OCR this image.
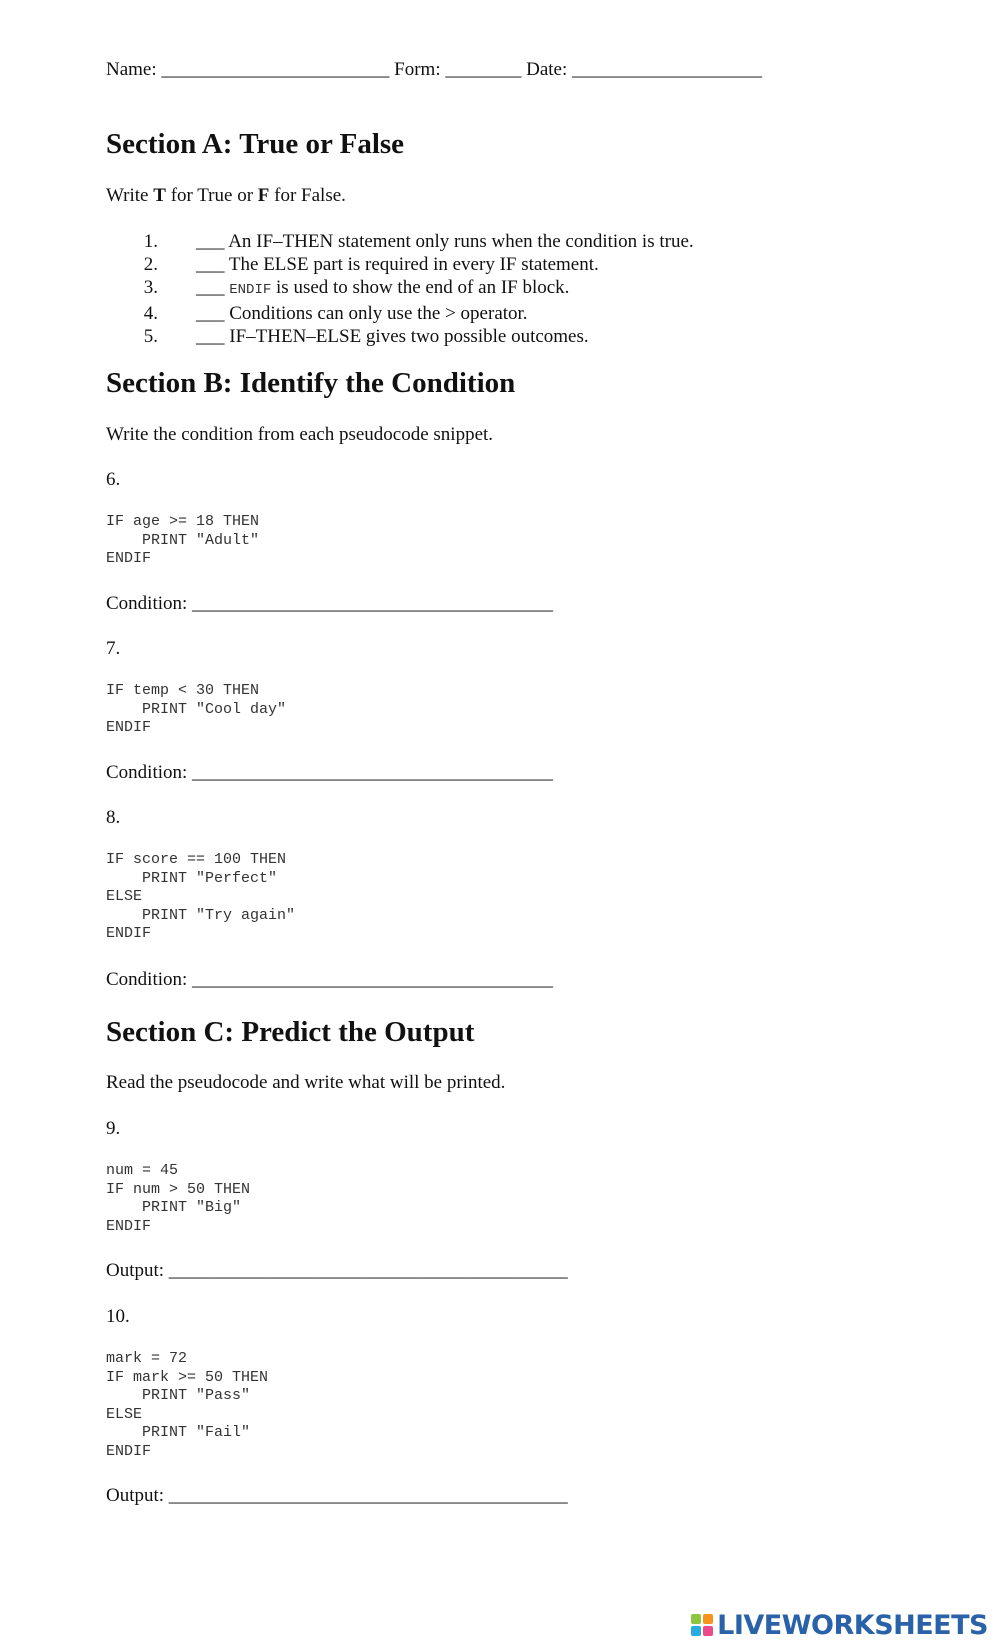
Name: ________________________ Form: ________ Date: ____________________
Section A: True or False
Write T for True or F for False.
1. ___ An IF–THEN statement only runs when the condition is true.
2. ___ The ELSE part is required in every IF statement.
3. ___ ENDIF is used to show the end of an IF block.
4. ___ Conditions can only use the > operator.
5. ___ IF–THEN–ELSE gives two possible outcomes.
Section B: Identify the Condition
Write the condition from each pseudocode snippet.
6.
IF age >= 18 THEN
PRINT "Adult"
ENDIF
Condition: ______________________________________
7.
IF temp < 30 THEN
PRINT "Cool day"
ENDIF
Condition: ______________________________________
8.
IF score == 100 THEN
PRINT "Perfect"
ELSE
PRINT "Try again"
ENDIF
Condition: ______________________________________
Section C: Predict the Output
Read the pseudocode and write what will be printed.
9.
num = 45
IF num > 50 THEN
PRINT "Big"
ENDIF
Output: __________________________________________
10.
mark = 72
IF mark >= 50 THEN
PRINT "Pass"
ELSE
PRINT "Fail"
ENDIF
Output: __________________________________________
LIVEWORKSHEETS
